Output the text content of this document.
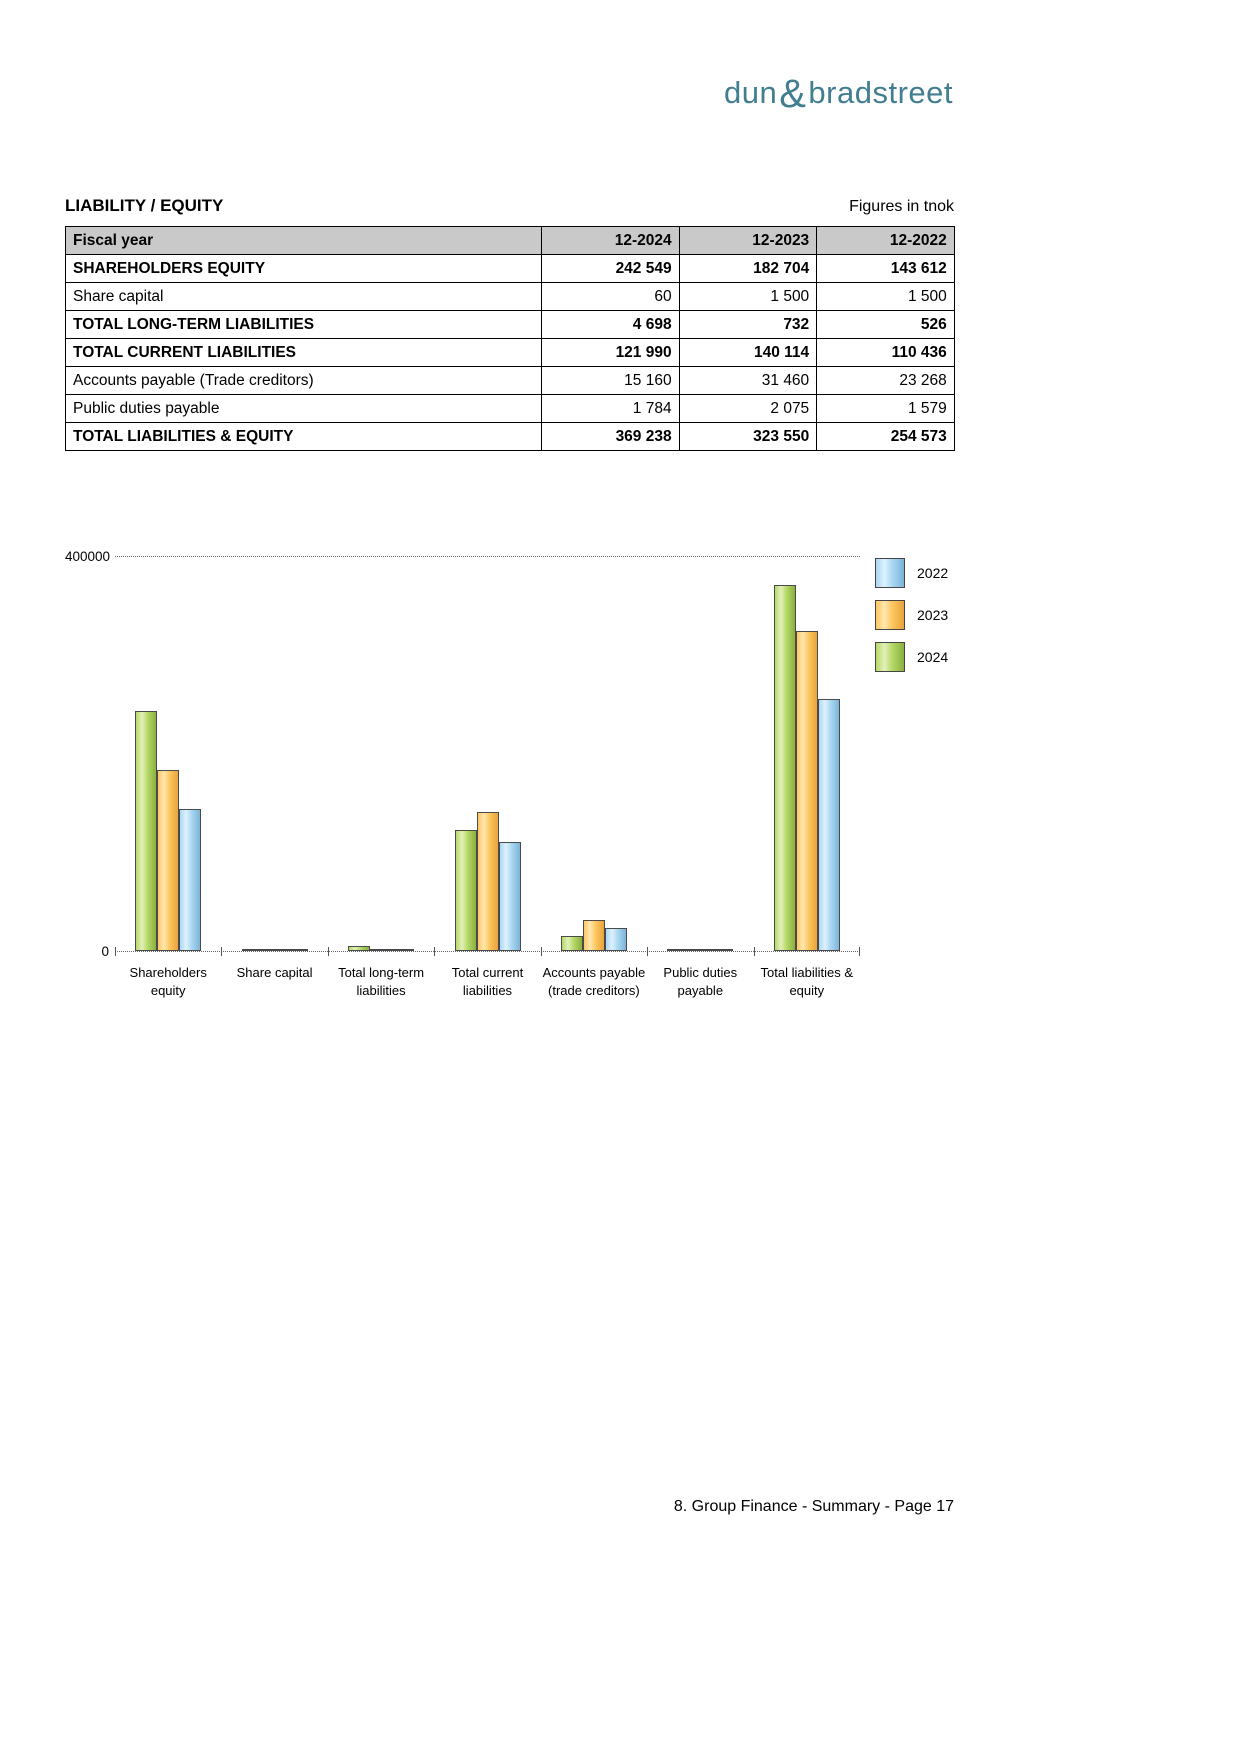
dun&bradstreet
LIABILITY / EQUITY	Figures in tnok
Fiscal year	12-2024	12-2023	12-2022
SHAREHOLDERS EQUITY	242 549	182 704	143 612
Share capital	60	1 500	1 500
TOTAL LONG-TERM LIABILITIES	4 698	732	526
TOTAL CURRENT LIABILITIES	121 990	140 114	110 436
Accounts payable (Trade creditors)	15 160	31 460	23 268
Public duties payable	1 784	2 075	1 579
TOTAL LIABILITIES & EQUITY	369 238	323 550	254 573
400000
0
Shareholders
equity
Share capital	Total long-term
liabilities
Total current
liabilities
Accounts payable
(trade creditors)
Public duties
payable
Total liabilities &
equity
2022
2023
2024
8. Group Finance - Summary - Page 17
